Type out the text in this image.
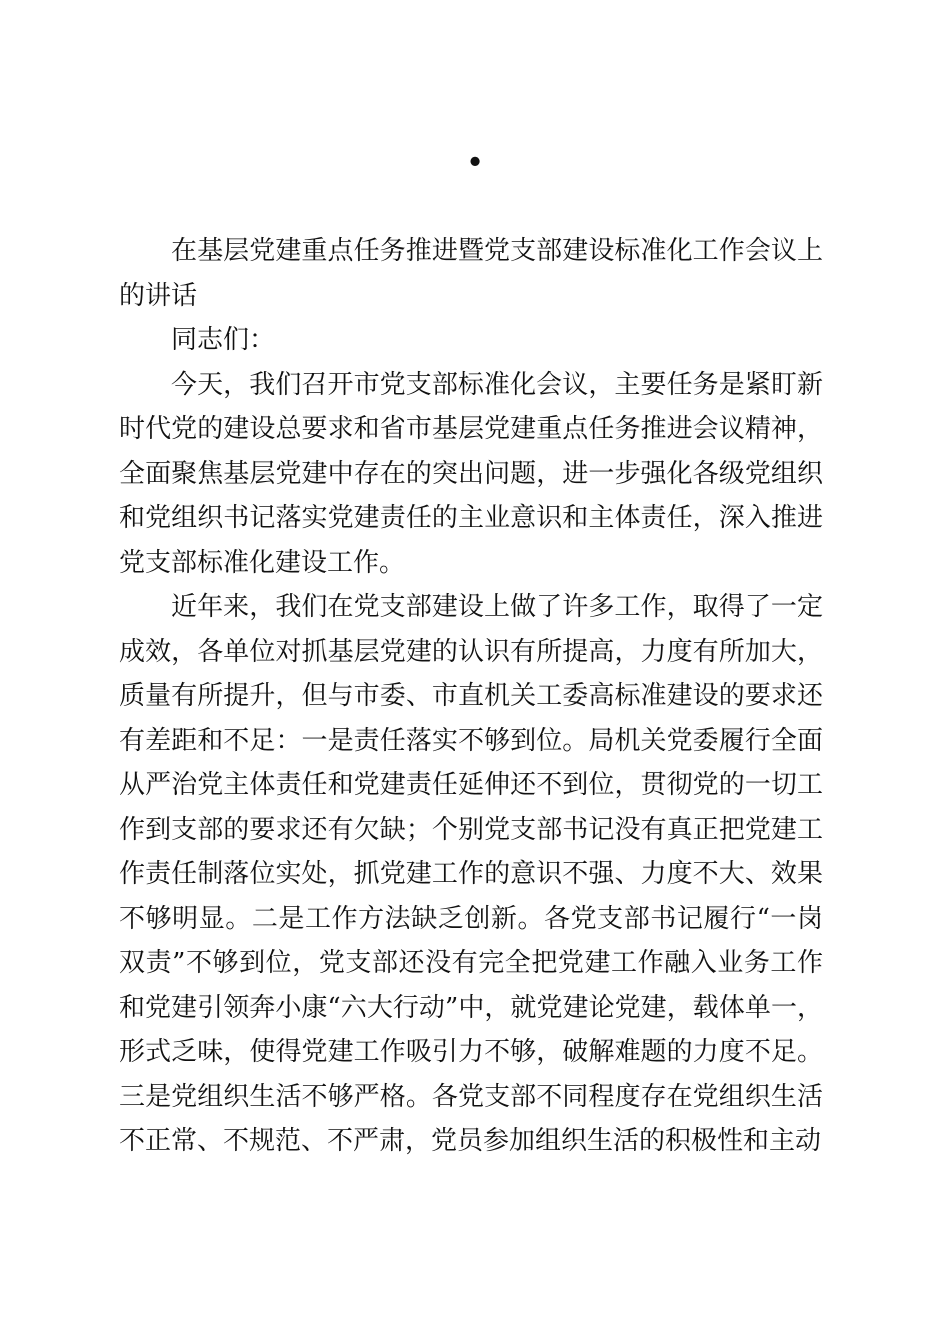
•

在基层党建重点任务推进暨党支部建设标准化工作会议上的讲话

同志们：

今天，我们召开市党支部标准化会议，主要任务是紧盯新时代党的建设总要求和省市基层党建重点任务推进会议精神，全面聚焦基层党建中存在的突出问题，进一步强化各级党组织和党组织书记落实党建责任的主业意识和主体责任，深入推进党支部标准化建设工作。

近年来，我们在党支部建设上做了许多工作，取得了一定成效，各单位对抓基层党建的认识有所提高，力度有所加大，质量有所提升，但与市委、市直机关工委高标准建设的要求还有差距和不足：一是责任落实不够到位。局机关党委履行全面从严治党主体责任和党建责任延伸还不到位，贯彻党的一切工作到支部的要求还有欠缺；个别党支部书记没有真正把党建工作责任制落位实处，抓党建工作的意识不强、力度不大、效果不够明显。二是工作方法缺乏创新。各党支部书记履行“一岗双责”不够到位，党支部还没有完全把党建工作融入业务工作和党建引领奔小康“六大行动”中，就党建论党建，载体单一，形式乏味，使得党建工作吸引力不够，破解难题的力度不足。三是党组织生活不够严格。各党支部不同程度存在党组织生活不正常、不规范、不严肃，党员参加组织生活的积极性和主动
